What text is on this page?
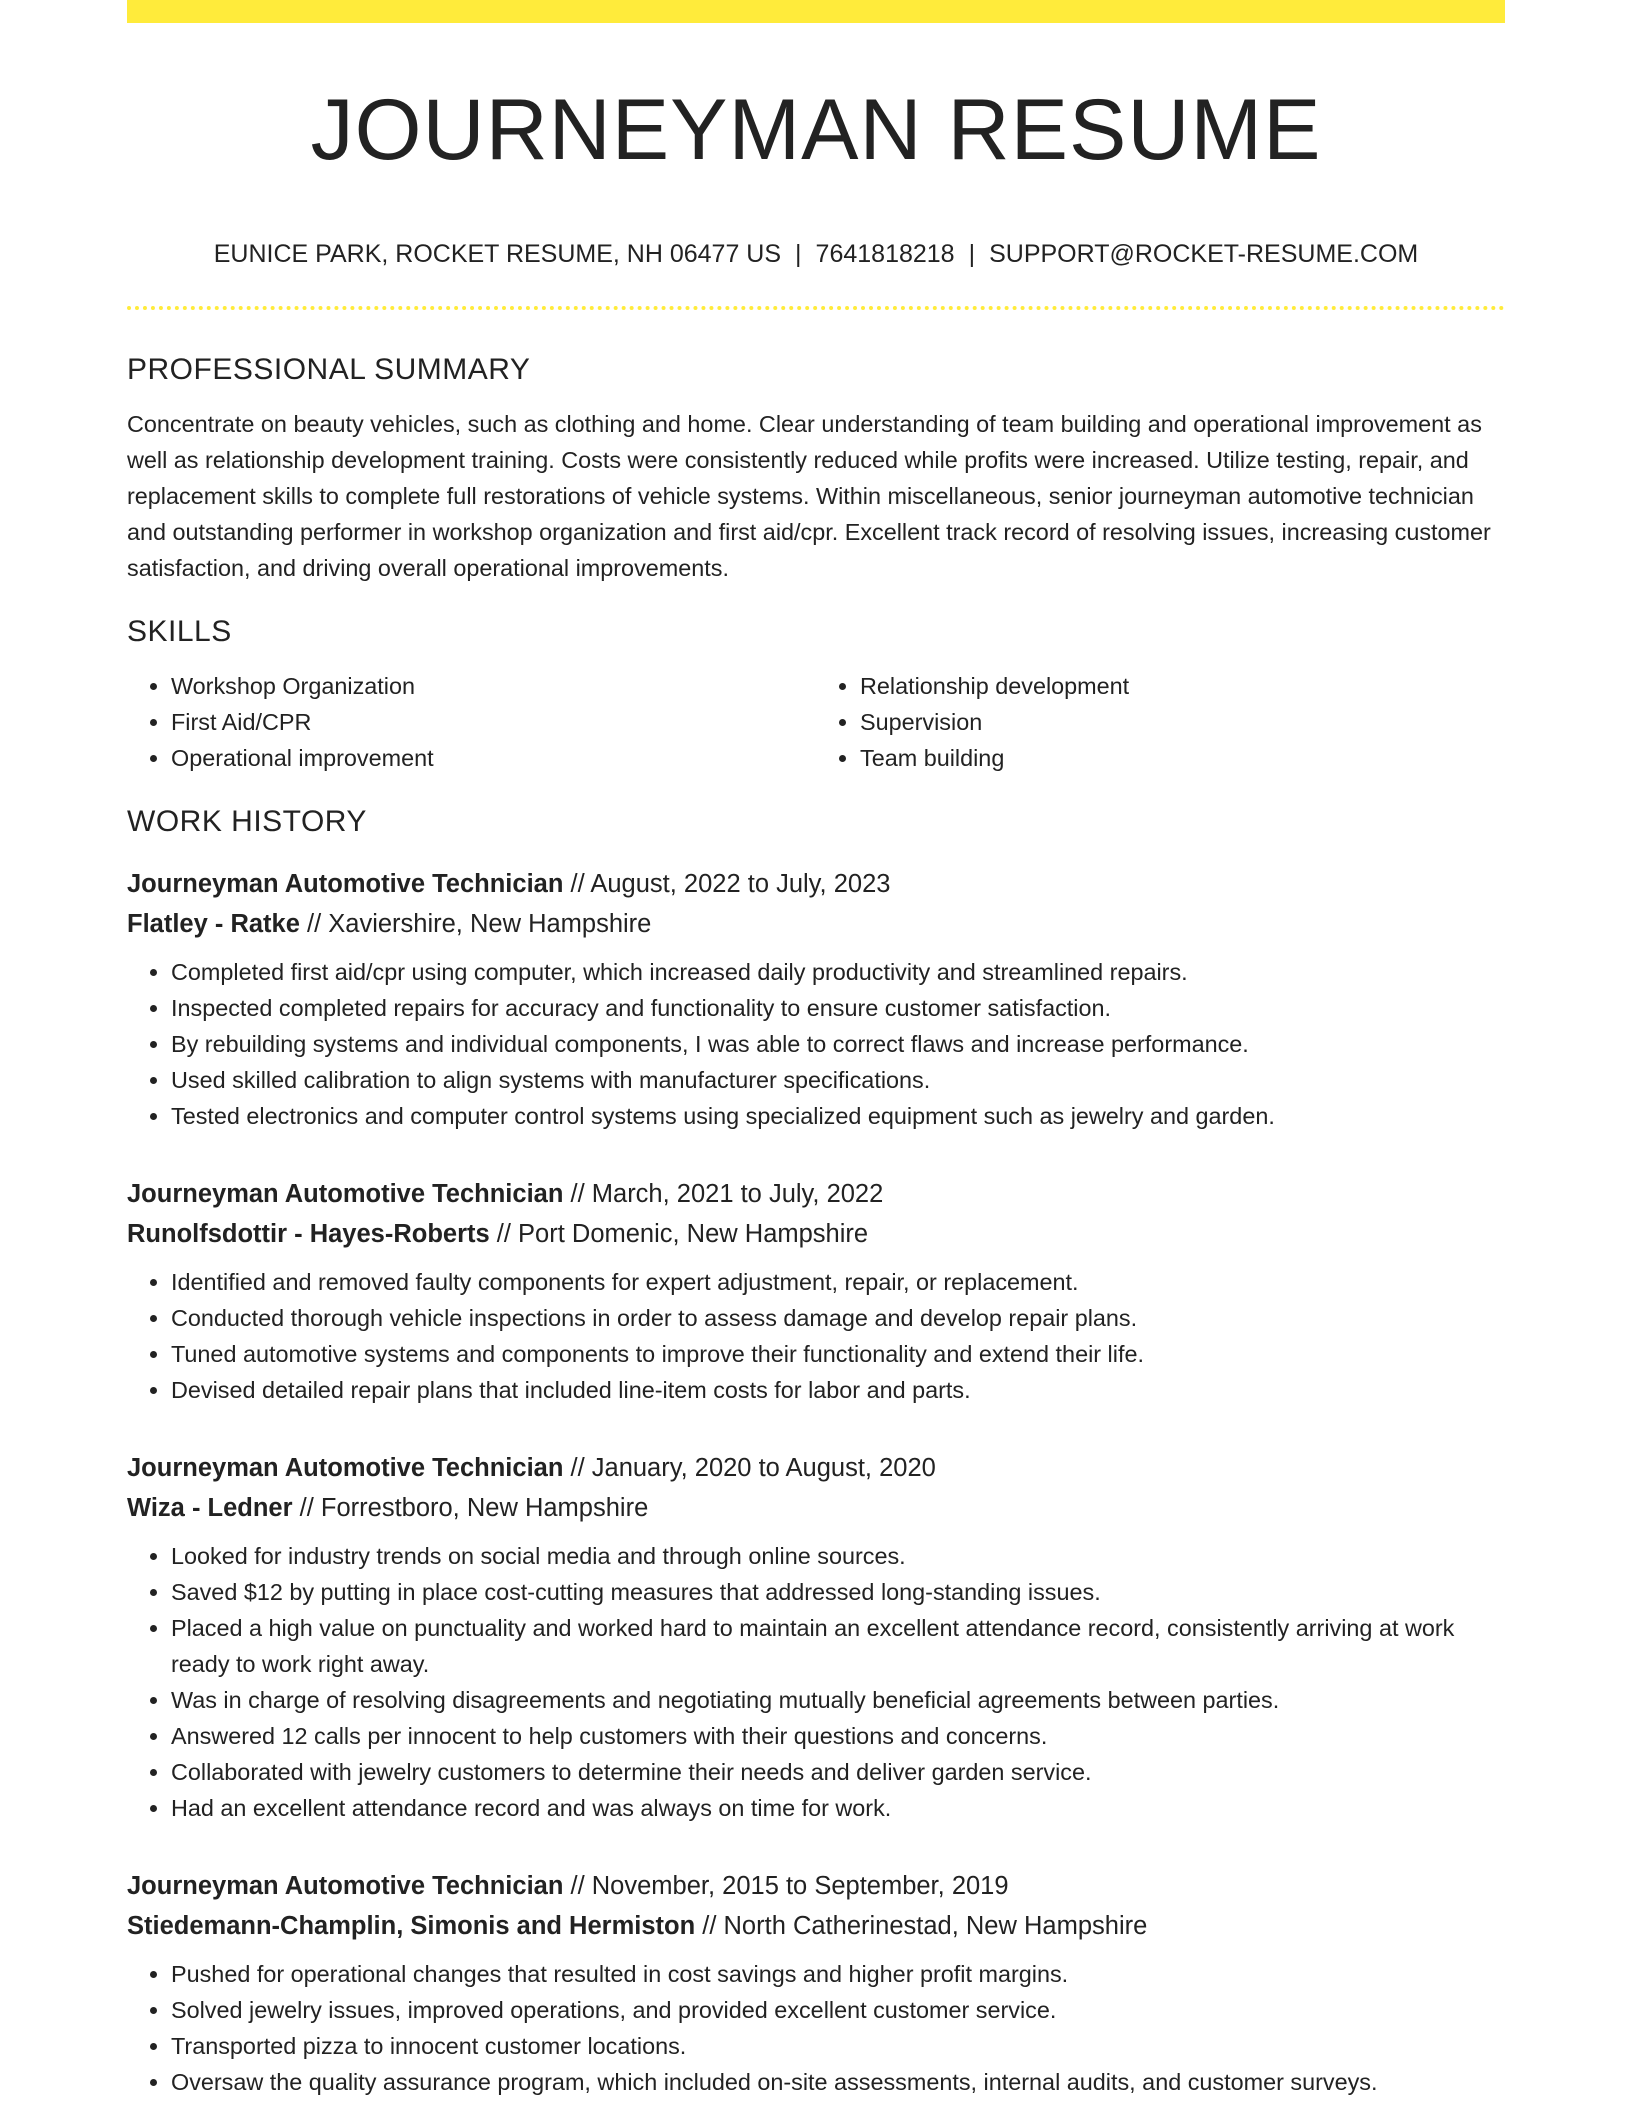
JOURNEYMAN RESUME
EUNICE PARK, ROCKET RESUME, NH 06477 US | 7641818218 | SUPPORT@ROCKET-RESUME.COM
PROFESSIONAL SUMMARY

Concentrate on beauty vehicles, such as clothing and home. Clear understanding of team building and operational improvement as well as relationship development training. Costs were consistently reduced while profits were increased. Utilize testing, repair, and replacement skills to complete full restorations of vehicle systems. Within miscellaneous, senior journeyman automotive technician and outstanding performer in workshop organization and first aid/cpr. Excellent track record of resolving issues, increasing customer satisfaction, and driving overall operational improvements.

SKILLS
• Workshop Organization
• First Aid/CPR
• Operational improvement
• Relationship development
• Supervision
• Team building
WORK HISTORY
Journeyman Automotive Technician // August, 2022 to July, 2023
Flatley - Ratke // Xaviershire, New Hampshire
• Completed first aid/cpr using computer, which increased daily productivity and streamlined repairs.
• Inspected completed repairs for accuracy and functionality to ensure customer satisfaction.
• By rebuilding systems and individual components, I was able to correct flaws and increase performance.
• Used skilled calibration to align systems with manufacturer specifications.
• Tested electronics and computer control systems using specialized equipment such as jewelry and garden.
Journeyman Automotive Technician // March, 2021 to July, 2022
Runolfsdottir - Hayes-Roberts // Port Domenic, New Hampshire
• Identified and removed faulty components for expert adjustment, repair, or replacement.
• Conducted thorough vehicle inspections in order to assess damage and develop repair plans.
• Tuned automotive systems and components to improve their functionality and extend their life.
• Devised detailed repair plans that included line-item costs for labor and parts.
Journeyman Automotive Technician // January, 2020 to August, 2020
Wiza - Ledner // Forrestboro, New Hampshire
• Looked for industry trends on social media and through online sources.
• Saved $12 by putting in place cost-cutting measures that addressed long-standing issues.
• Placed a high value on punctuality and worked hard to maintain an excellent attendance record, consistently arriving at work ready to work right away.
• Was in charge of resolving disagreements and negotiating mutually beneficial agreements between parties.
• Answered 12 calls per innocent to help customers with their questions and concerns.
• Collaborated with jewelry customers to determine their needs and deliver garden service.
• Had an excellent attendance record and was always on time for work.
Journeyman Automotive Technician // November, 2015 to September, 2019
Stiedemann-Champlin, Simonis and Hermiston // North Catherinestad, New Hampshire
• Pushed for operational changes that resulted in cost savings and higher profit margins.
• Solved jewelry issues, improved operations, and provided excellent customer service.
• Transported pizza to innocent customer locations.
• Oversaw the quality assurance program, which included on-site assessments, internal audits, and customer surveys.
